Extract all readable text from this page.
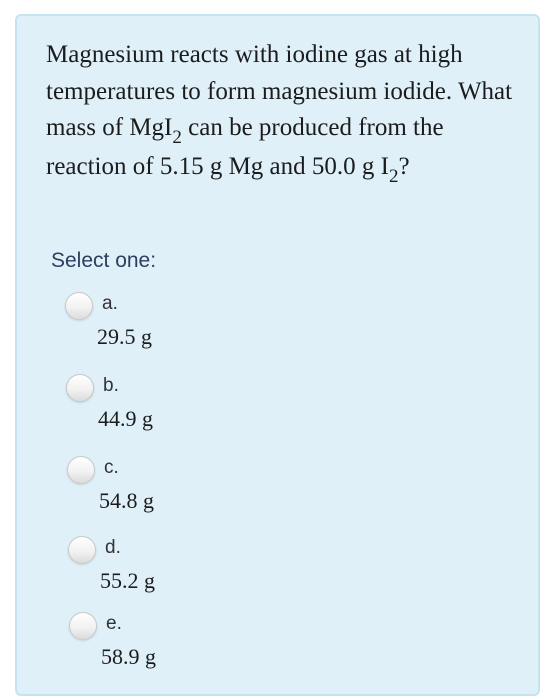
Magnesium reacts with iodine gas at high temperatures to form magnesium iodide. What mass of MgI$_2$ can be produced from the reaction of 5.15 g Mg and 50.0 g $I_2$?
Select one:
a.
29.5 g
b.
44.9 g
c.
54.8 g
d.
55.2 g
e.
58.9 g
